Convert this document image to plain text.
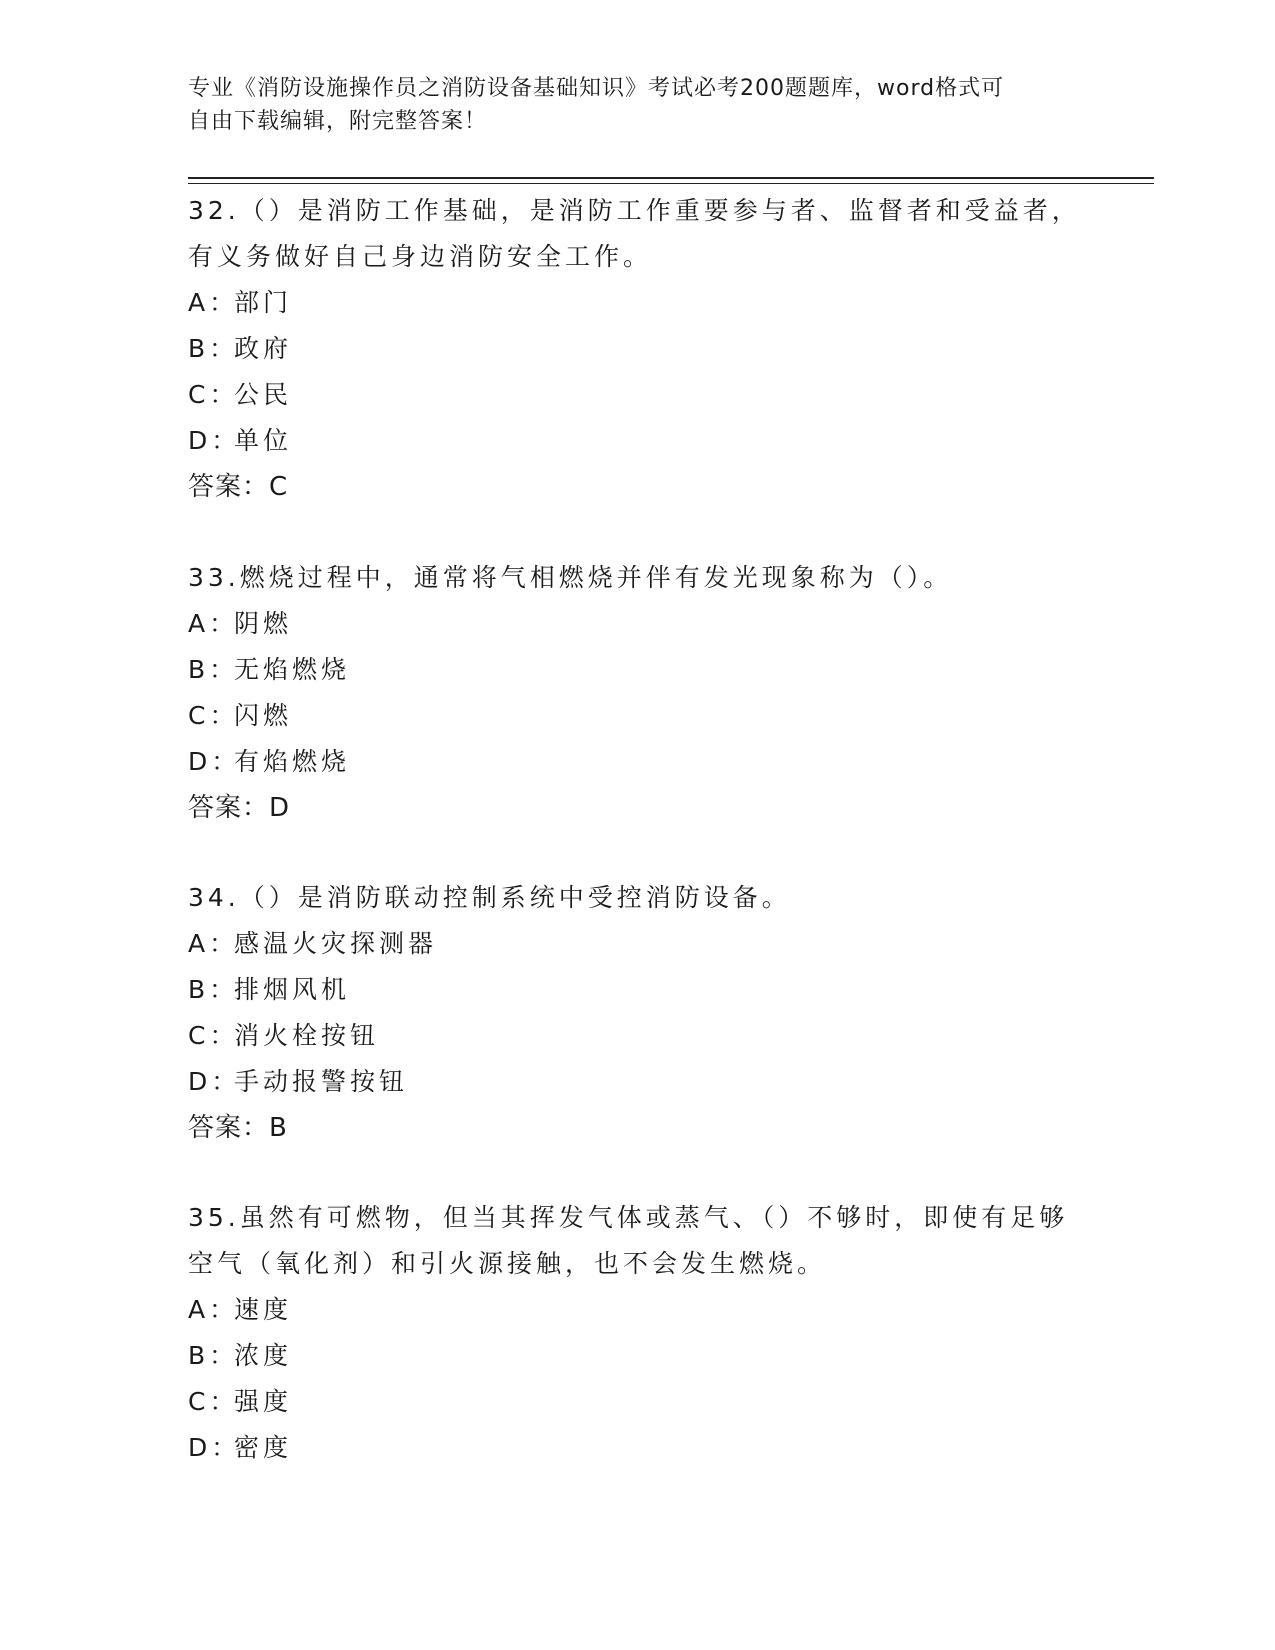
专业《消防设施操作员之消防设备基础知识》考试必考200题题库，word格式可
自由下载编辑，附完整答案！

32.（）是消防工作基础，是消防工作重要参与者、监督者和受益者，

有义务做好自己身边消防安全工作。

A：部门

B：政府

C：公民

D：单位

答案：C

33.燃烧过程中，通常将气相燃烧并伴有发光现象称为（）。

A：阴燃

B：无焰燃烧

C：闪燃

D：有焰燃烧

答案：D

34.（）是消防联动控制系统中受控消防设备。

A：感温火灾探测器

B：排烟风机

C：消火栓按钮

D：手动报警按钮

答案：B

35.虽然有可燃物，但当其挥发气体或蒸气、（）不够时，即使有足够

空气（氧化剂）和引火源接触，也不会发生燃烧。

A：速度

B：浓度

C：强度

D：密度
